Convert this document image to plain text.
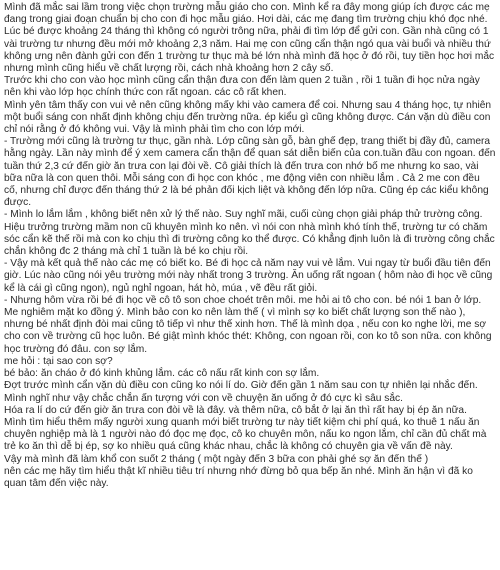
Mình đã mắc sai lầm trong việc chọn trường mẫu giáo cho con. Mình kể ra đây mong giúp ích được các mẹ đang trong giai đoạn chuẩn bị cho con đi học mẫu giáo. Hơi dài, các mẹ đang tìm trường chịu khó đọc nhé.

Lúc bé được khoảng 24 tháng thì không có người trông nữa, phải đi tìm lớp để gửi con. Gần nhà cũng có 1 vài trường tư nhưng đều mới mở khoảng 2,3 năm. Hai mẹ con cũng cẩn thận ngó qua vài buổi và nhiều thứ không ưng nên đành gửi con đến 1 trường tư thục mà bé lớn nhà mình đã học ở đó rồi, tuy tiền học hơi mắc nhưng mình cũng hiểu về chất lượng rồi, cách nhà khoảng hơn 2 cây số.

Trước khi cho con vào học mình cũng cẩn thận đưa con đến làm quen 2 tuần , rồi 1 tuần đi học nửa ngày nên khi vào lớp học chính thức con rất ngoan. các cô rất khen.

Mình yên tâm thấy con vui vẻ nên cũng không mấy khi vào camera để coi. Nhưng sau 4 tháng học, tự nhiên một buổi sáng con nhất định không chịu đến trường nữa. ép kiểu gì cũng không được. Cán vặn dù điều con chỉ nói rằng ở đó không vui. Vậy là mình phải tìm cho con lớp mới.

- Trường mới cũng là trường tư thục, gần nhà. Lớp cũng sàn gỗ, bàn ghế đẹp, trang thiết bị đầy đủ, camera hằng ngày. Lần này mình để ý xem camera cẩn thận để quan sát diễn biến của con.tuần đầu con ngoan. đến tuần thứ 2,3 cứ đến giờ ăn trưa con lại đòi về. Cô giải thích là đến trưa con nhớ bố me nhưng ko sao, vài bữa nữa là con quen thôi. Mỗi sáng con đi học con khóc , me động viên con nhiều lắm . Cả 2 me con đều cố, nhưng chỉ được đến tháng thứ 2 là bé phản đối kịch liệt và không đến lớp nữa. Cũng ép các kiểu không được.

- Mình lo lắm lắm , không biết nên xử lý thế nào. Suy nghĩ mãi, cuối cùng chọn giải pháp thử trường công. Hiệu trưởng trường mầm non cũ khuyên mình ko nên. vì nói con nhà mình khó tính thế, trường tư có chăm sóc cẩn kẽ thế rồi mà con ko chịu thì đi trường công ko thể được. Có khẳng định luôn là đi trường công chắc chắn không đc 2 tháng mà chỉ 1 tuần là bé ko chịu rồi.

- Vậy mà kết quả thế nào các mẹ có biết ko. Bé đi học cả năm nay vui vẻ lắm. Vui ngay từ buổi đầu tiên đến giờ. Lúc nào cũng nói yêu trường mới này nhất trong 3 trường. Ăn uống rất ngoan ( hôm nào đi học về cũng kể là cái gì cũng ngon), ngủ nghỉ ngoan, hát hò, múa , vẽ đều rất giỏi.

- Nhưng hôm vừa rồi bé đi học về cô tô son choe choét trên môi. me hỏi ai tô cho con. bé nói 1 ban ở lớp. Me nghiêm mặt ko đồng ý. Mình bảo con ko nên làm thế ( vì mình sợ ko biết chất lượng son thế nào ), nhưng bé nhất định đòi mai cũng tô tiếp vì như thế xinh hơn. Thế là mình dọa , nếu con ko nghe lời, me sợ cho con về trường cũ học luôn. Bé giật mình khóc thét: Không, con ngoan rồi, con ko tô son nữa. con không học trường đó đâu. con sợ lắm.

me hỏi : tại sao con sợ?

bé bảo: ăn cháo ở đó kinh khủng lắm. các cô nấu rất kinh con sợ lắm.

Đợt trước mình cẩn vặn dù điều con cũng ko nói lí do. Giờ đến gần 1 năm sau con tự nhiên lại nhắc đến. Mình nghĩ như vậy chắc chắn ấn tượng với con về chuyện ăn uống ở đó cực kì sâu sắc.

Hóa ra lí do cứ đến giờ ăn trưa con đòi về là đây. và thêm nữa, cô bắt ở lại ăn thì rất hay bị ép ăn nữa.

Mình tìm hiểu thêm mấy người xung quanh mới biết trường tư này tiết kiệm chi phí quá, ko thuê 1 nấu ăn chuyên nghiệp mà là 1 người nào đó đọc mẹ đọc, cô ko chuyên môn, nấu ko ngon lắm, chỉ cần đủ chất mà trẻ ko ăn thì dễ bị ép, sợ ko nhiều quá cũng khác nhau, chắc là không có chuyên gia về vấn đề này.

Vậy mà mình đã làm khổ con suốt 2 tháng ( một ngày đến 3 bữa con phải ghé sợ ăn đến thế )

nên các mẹ hãy tìm hiểu thật kĩ nhiều tiêu trí nhưng nhớ đừng bỏ qua bếp ăn nhé. Mình ăn hận vì đã ko quan tâm đến việc này.
